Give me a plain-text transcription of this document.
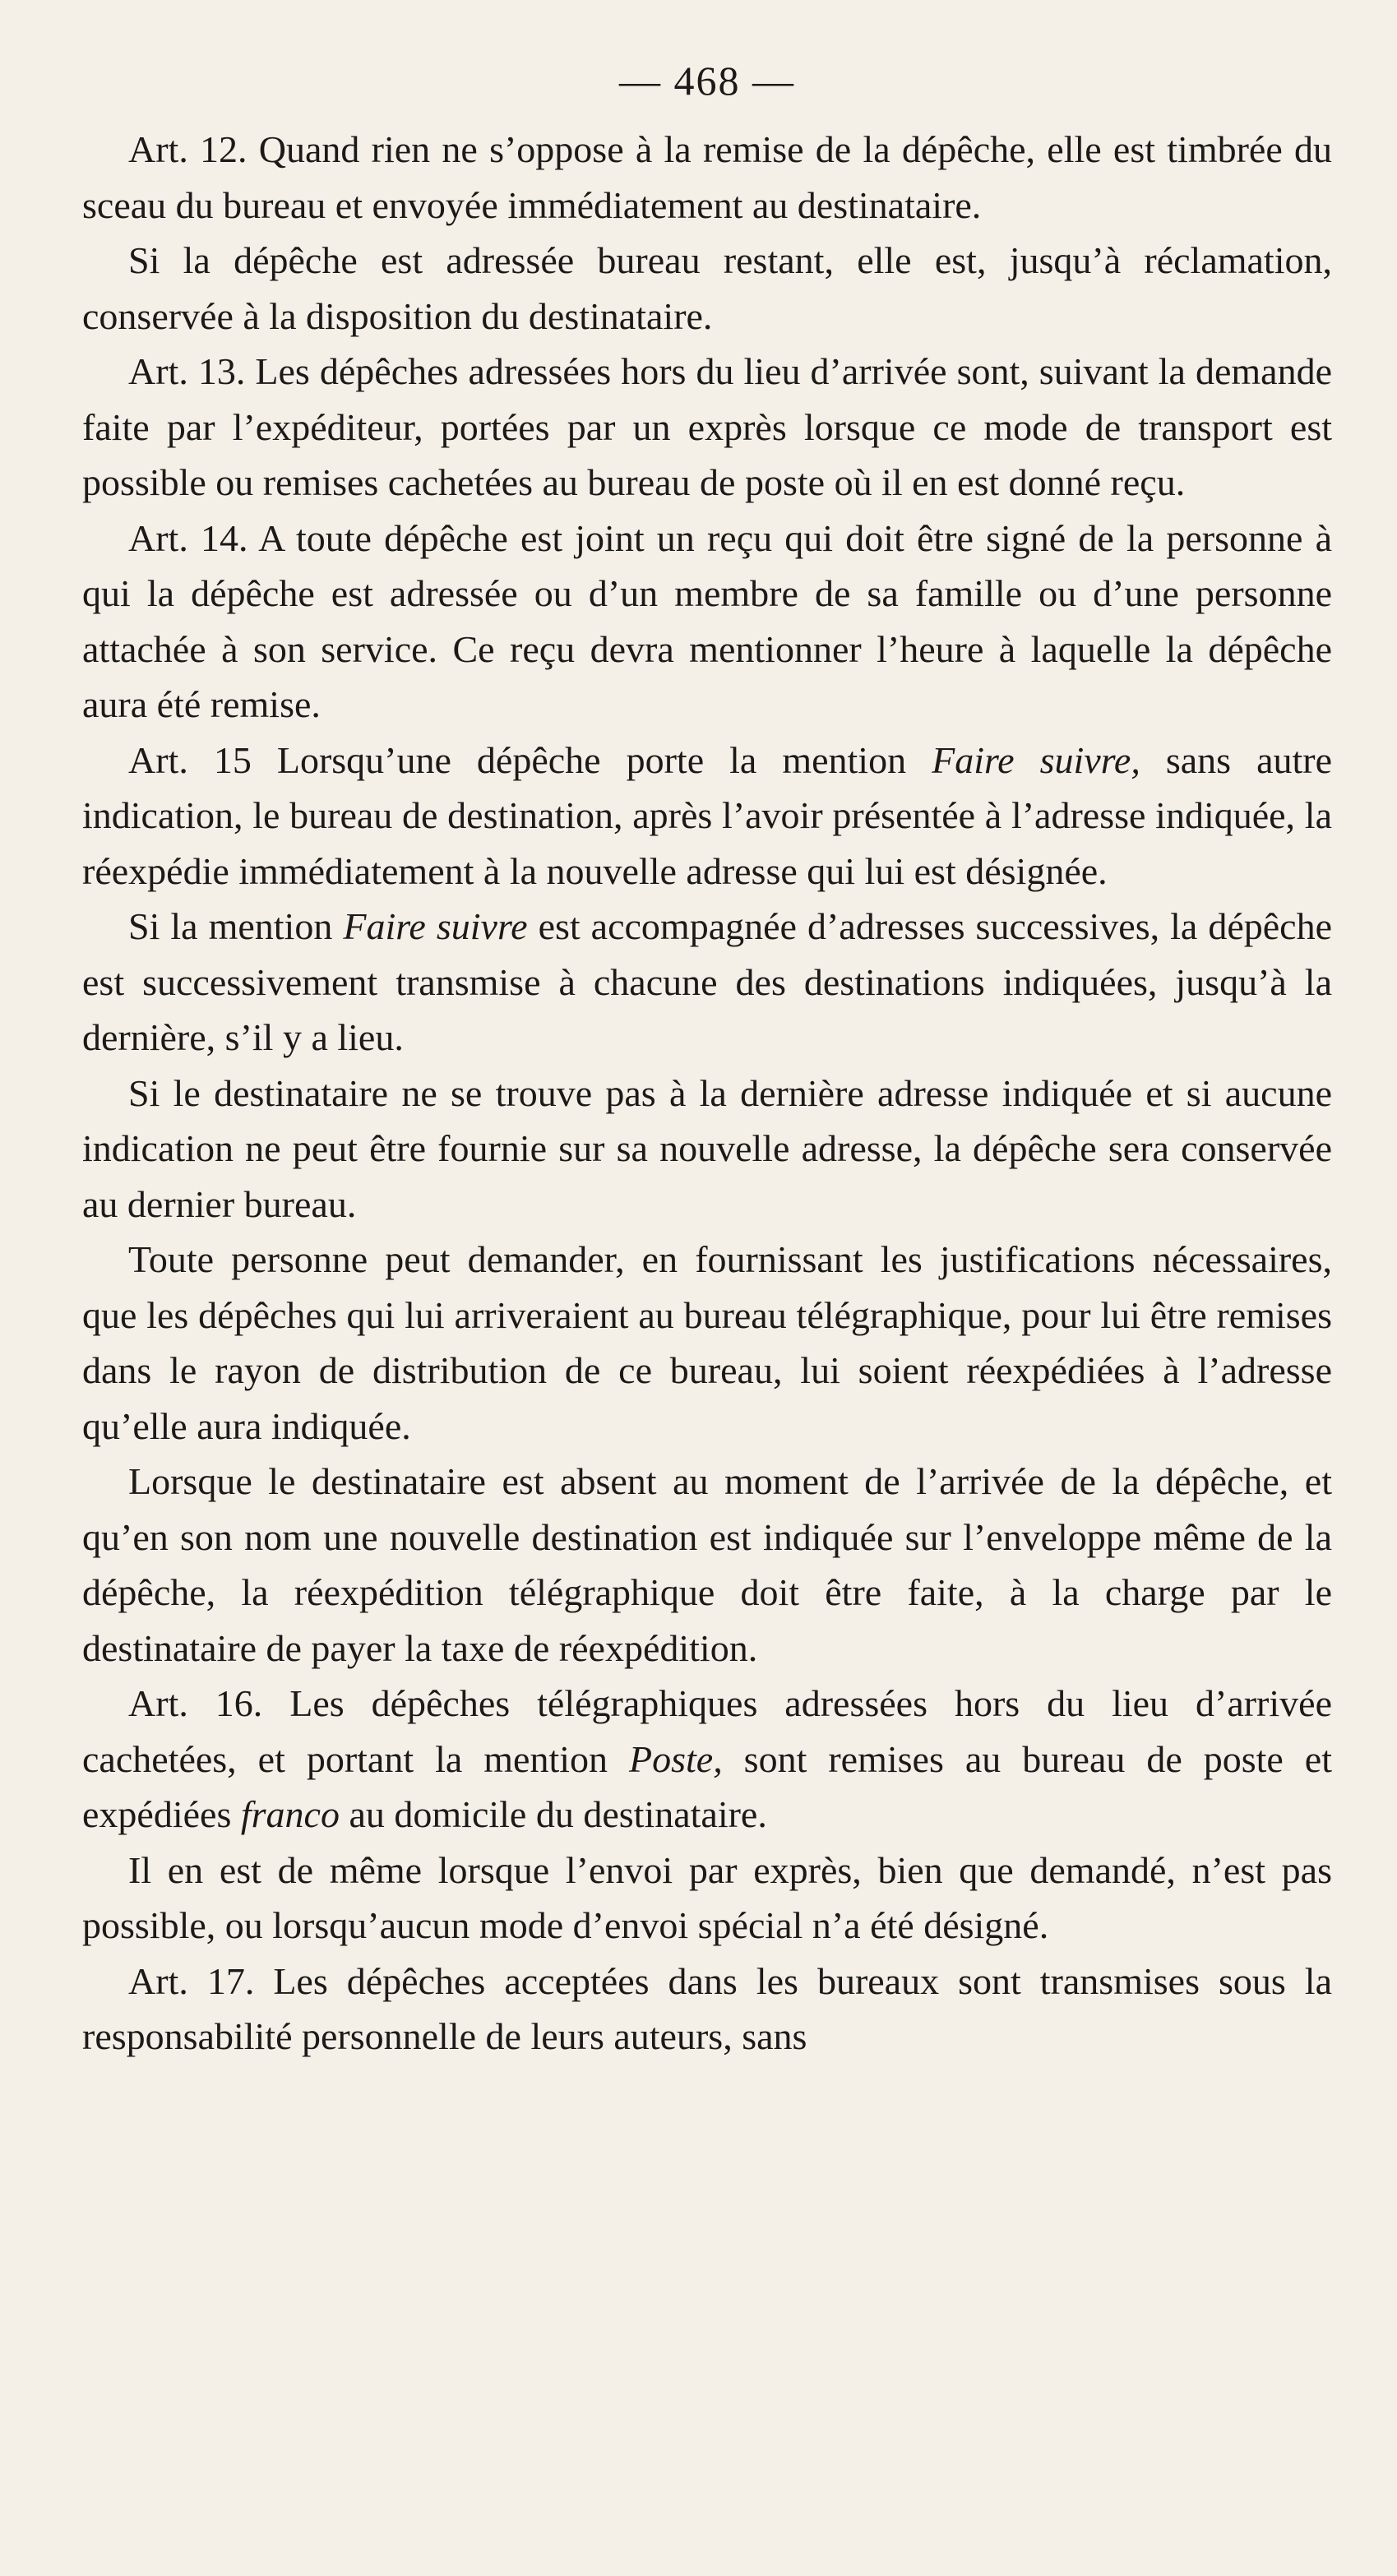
— 468 —

Art. 12. Quand rien ne s’oppose à la remise de la dépêche, elle est timbrée du sceau du bureau et envoyée immédiatement au destinataire.

Si la dépêche est adressée bureau restant, elle est, jusqu’à réclamation, conservée à la disposition du destinataire.

Art. 13. Les dépêches adressées hors du lieu d’arrivée sont, suivant la demande faite par l’expéditeur, portées par un exprès lorsque ce mode de transport est possible ou remises cachetées au bureau de poste où il en est donné reçu.

Art. 14. A toute dépêche est joint un reçu qui doit être signé de la personne à qui la dépêche est adressée ou d’un membre de sa famille ou d’une personne attachée à son service. Ce reçu devra mentionner l’heure à laquelle la dépêche aura été remise.

Art. 15 Lorsqu’une dépêche porte la mention Faire suivre, sans autre indication, le bureau de destination, après l’avoir présentée à l’adresse indiquée, la réexpédie immédiatement à la nouvelle adresse qui lui est désignée.

Si la mention Faire suivre est accompagnée d’adresses successives, la dépêche est successivement transmise à chacune des destinations indiquées, jusqu’à la dernière, s’il y a lieu.

Si le destinataire ne se trouve pas à la dernière adresse indiquée et si aucune indication ne peut être fournie sur sa nouvelle adresse, la dépêche sera conservée au dernier bureau.

Toute personne peut demander, en fournissant les justifications nécessaires, que les dépêches qui lui arriveraient au bureau télégraphique, pour lui être remises dans le rayon de distribution de ce bureau, lui soient réexpédiées à l’adresse qu’elle aura indiquée.

Lorsque le destinataire est absent au moment de l’arrivée de la dépêche, et qu’en son nom une nouvelle destination est indiquée sur l’enveloppe même de la dépêche, la réexpédition télégraphique doit être faite, à la charge par le destinataire de payer la taxe de réexpédition.

Art. 16. Les dépêches télégraphiques adressées hors du lieu d’arrivée cachetées, et portant la mention Poste, sont remises au bureau de poste et expédiées franco au domicile du destinataire.

Il en est de même lorsque l’envoi par exprès, bien que demandé, n’est pas possible, ou lorsqu’aucun mode d’envoi spécial n’a été désigné.

Art. 17. Les dépêches acceptées dans les bureaux sont transmises sous la responsabilité personnelle de leurs auteurs, sans
